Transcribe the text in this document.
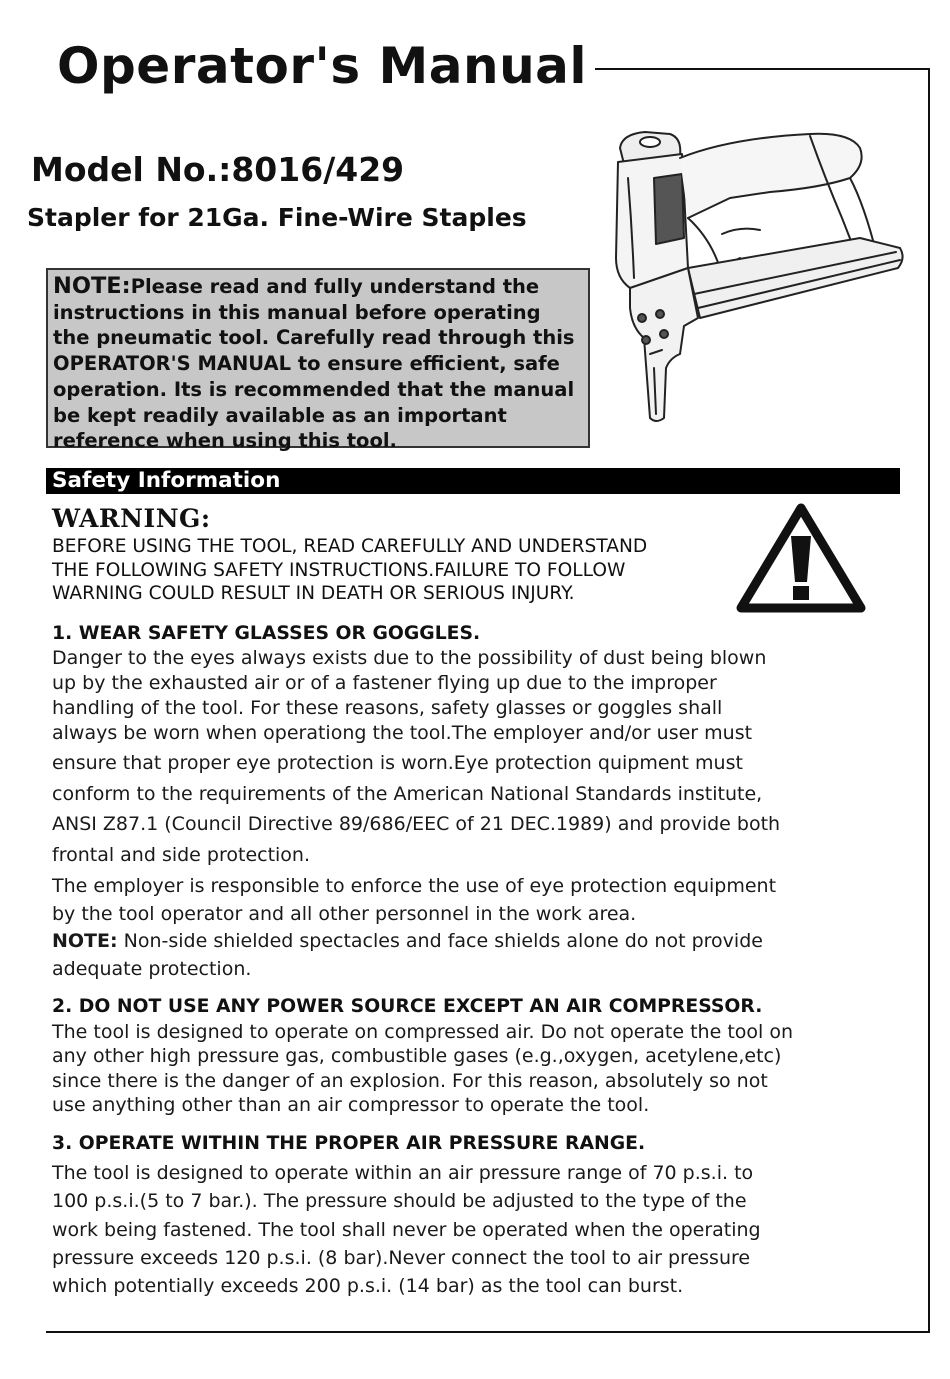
Operator's Manual
Model No.:8016/429
Stapler for 21Ga. Fine-Wire Staples
NOTE:Please read and fully understand the
instructions in this manual before operating
the pneumatic tool. Carefully read through this
OPERATOR'S MANUAL to ensure efficient, safe
operation. Its is recommended that the manual
be kept readily available as an important
reference when using this tool.
Safety Information
WARNING:
BEFORE USING THE TOOL, READ CAREFULLY AND UNDERSTAND
THE FOLLOWING SAFETY INSTRUCTIONS.FAILURE TO FOLLOW
WARNING COULD RESULT IN DEATH OR SERIOUS INJURY.
1. WEAR SAFETY GLASSES OR GOGGLES.

Danger to the eyes always exists due to the possibility of dust being blown

up by the exhausted air or of a fastener flying up due to the improper

handling of the tool. For these reasons, safety glasses or goggles shall

always be worn when operationg the tool.The employer and/or user must

ensure that proper eye protection is worn.Eye protection quipment must

conform to the requirements of the American National Standards institute,

ANSI Z87.1 (Council Directive 89/686/EEC of 21 DEC.1989) and provide both

frontal and side protection.

The employer is responsible to enforce the use of eye protection equipment

by the tool operator and all other personnel in the work area.

NOTE: Non-side shielded spectacles and face shields alone do not provide

adequate protection.

2. DO NOT USE ANY POWER SOURCE EXCEPT AN AIR COMPRESSOR.

The tool is designed to operate on compressed air. Do not operate the tool on

any other high pressure gas, combustible gases (e.g.,oxygen, acetylene,etc)

since there is the danger of an explosion. For this reason, absolutely so not

use anything other than an air compressor to operate the tool.

3. OPERATE WITHIN THE PROPER AIR PRESSURE RANGE.

The tool is designed to operate within an air pressure range of 70 p.s.i. to

100 p.s.i.(5 to 7 bar.). The pressure should be adjusted to the type of the

work being fastened. The tool shall never be operated when the operating

pressure exceeds 120 p.s.i. (8 bar).Never connect the tool to air pressure

which potentially exceeds 200 p.s.i. (14 bar) as the tool can burst.
